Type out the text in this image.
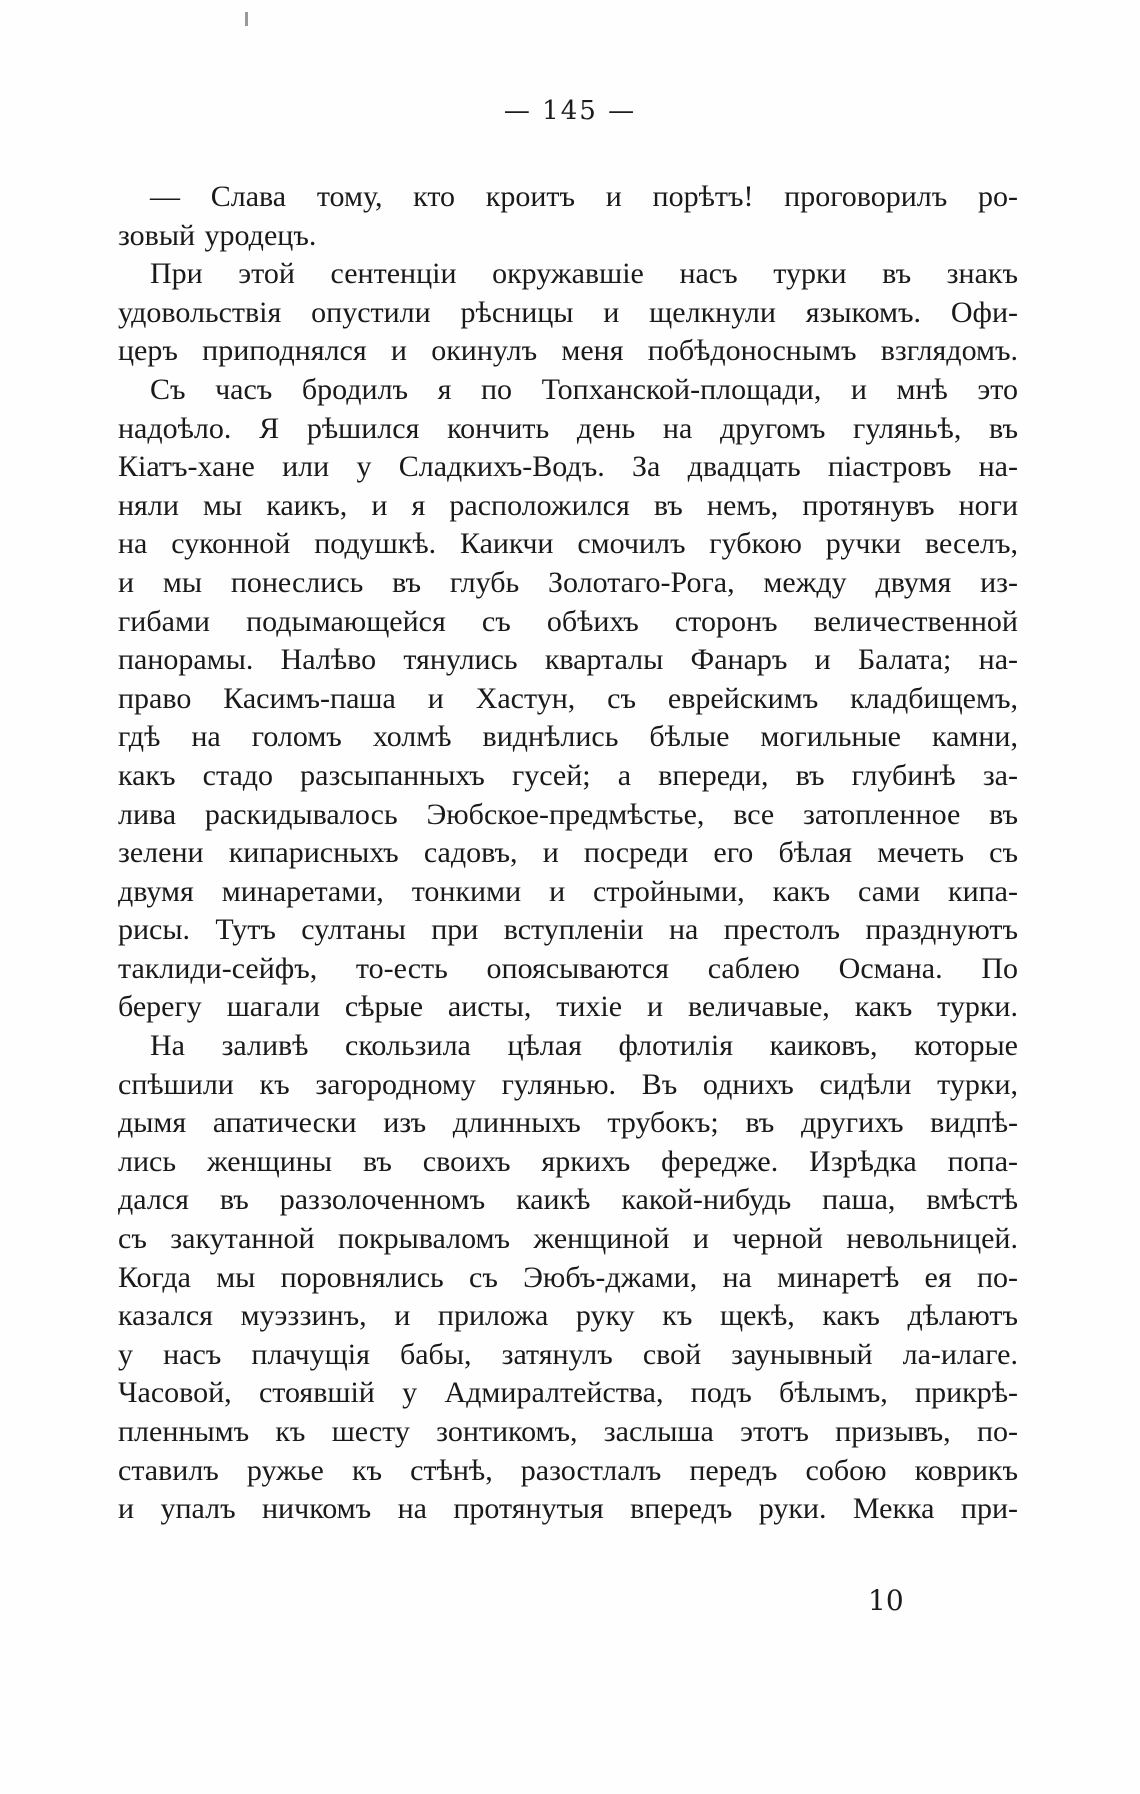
— 145 —

— Слава тому, кто кроитъ и порѣтъ! проговорилъ ро-
зовый уродецъ.

При этой сентенціи окружавшіе насъ турки въ знакъ
удовольствія опустили рѣсницы и щелкнули языкомъ. Офи-
церъ приподнялся и окинулъ меня побѣдоноснымъ взглядомъ.

Съ часъ бродилъ я по Топханской-площади, и мнѣ это
надоѣло. Я рѣшился кончить день на другомъ гуляньѣ, въ
Кіатъ-хане или у Сладкихъ-Водъ. За двадцать піастровъ на-
няли мы каикъ, и я расположился въ немъ, протянувъ ноги
на суконной подушкѣ. Каикчи смочилъ губкою ручки веселъ,
и мы понеслись въ глубь Золотаго-Рога, между двумя из-
гибами подымающейся съ обѣихъ сторонъ величественной
панорамы. Налѣво тянулись кварталы Фанаръ и Балата; на-
право Касимъ-паша и Хастун, съ еврейскимъ кладбищемъ,
гдѣ на голомъ холмѣ виднѣлись бѣлые могильные камни,
какъ стадо разсыпанныхъ гусей; а впереди, въ глубинѣ за-
лива раскидывалось Эюбское-предмѣстье, все затопленное въ
зелени кипарисныхъ садовъ, и посреди его бѣлая мечеть съ
двумя минаретами, тонкими и стройными, какъ сами кипа-
рисы. Тутъ султаны при вступленіи на престолъ празднуютъ
таклиди-сейфъ, то-есть опоясываются саблею Османа. По
берегу шагали сѣрые аисты, тихіе и величавые, какъ турки.

На заливѣ скользила цѣлая флотилія каиковъ, которые
спѣшили къ загородному гулянью. Въ однихъ сидѣли турки,
дымя апатически изъ длинныхъ трубокъ; въ другихъ видпѣ-
лись женщины въ своихъ яркихъ фередже. Изрѣдка попа-
дался въ раззолоченномъ каикѣ какой-нибудь паша, вмѣстѣ
съ закутанной покрываломъ женщиной и черной невольницей.
Когда мы поровнялись съ Эюбъ-джами, на минаретѣ ея по-
казался муэззинъ, и приложа руку къ щекѣ, какъ дѣлаютъ
у насъ плачущія бабы, затянулъ свой заунывный ла-илаге.
Часовой, стоявшій у Адмиралтейства, подъ бѣлымъ, прикрѣ-
пленнымъ къ шесту зонтикомъ, заслыша этотъ призывъ, по-
ставилъ ружье къ стѣнѣ, разостлалъ передъ собою коврикъ
и упалъ ничкомъ на протянутыя впередъ руки. Мекка при-

10
